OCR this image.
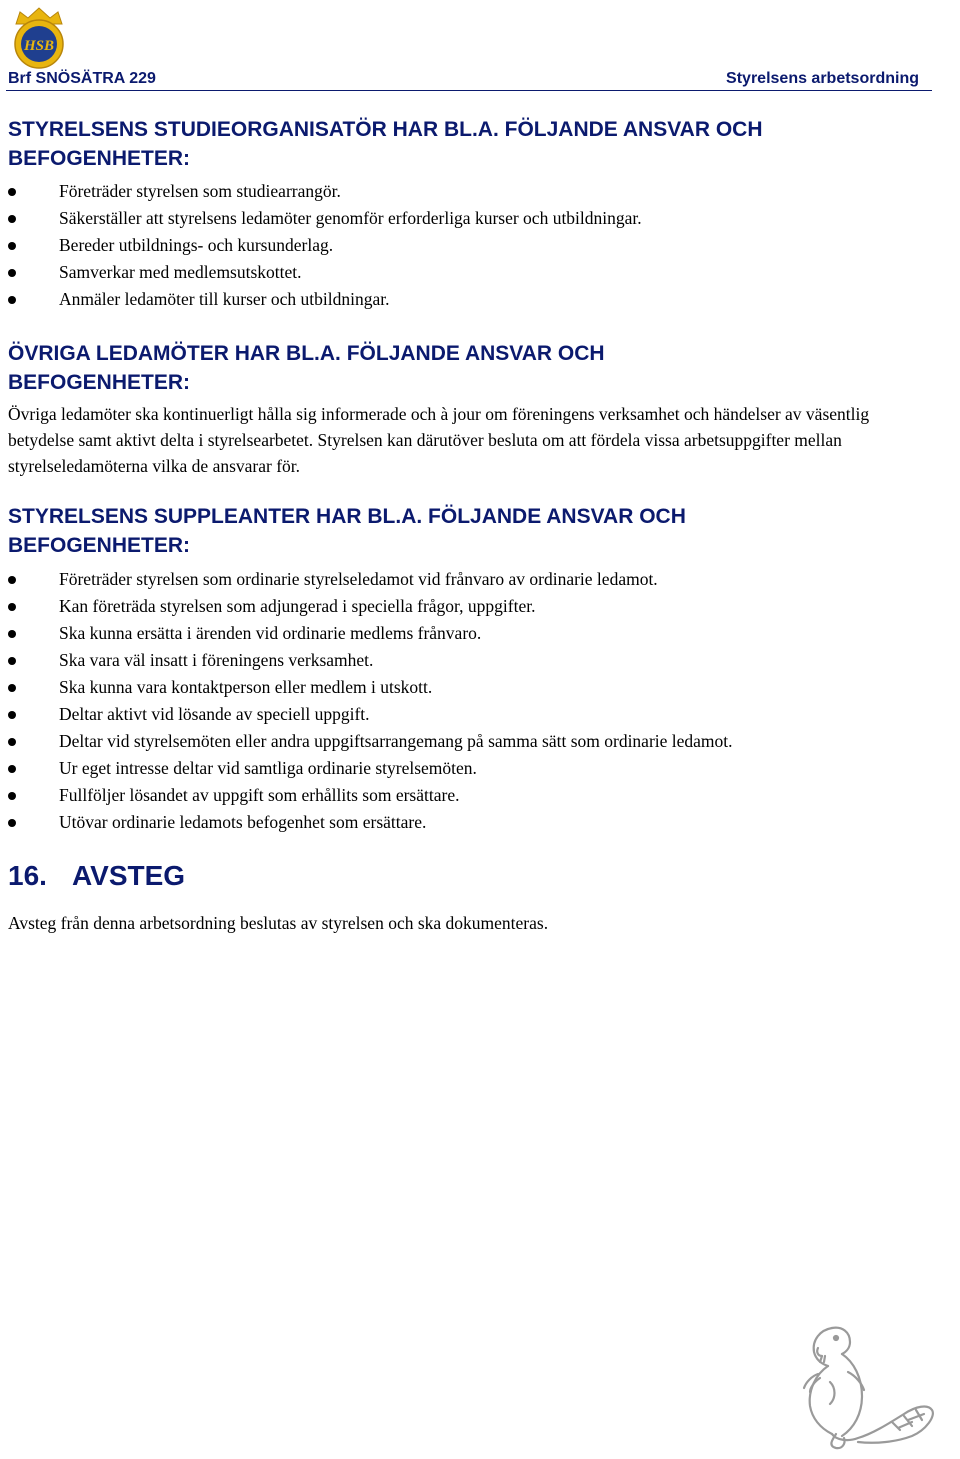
HSB
Brf SNÖSÄTRA 229	Styrelsens arbetsordning
STYRELSENS STUDIEORGANISATÖR HAR BL.A. FÖLJANDE ANSVAR OCH
BEFOGENHETER:
Företräder styrelsen som studiearrangör.
Säkerställer att styrelsens ledamöter genomför erforderliga kurser och utbildningar.
Bereder utbildnings- och kursunderlag.
Samverkar med medlemsutskottet.
Anmäler ledamöter till kurser och utbildningar.
ÖVRIGA LEDAMÖTER HAR BL.A. FÖLJANDE ANSVAR OCH
BEFOGENHETER:

Övriga ledamöter ska kontinuerligt hålla sig informerade och à jour om föreningens verksamhet och händelser av väsentlig betydelse samt aktivt delta i styrelsearbetet. Styrelsen kan därutöver besluta om att fördela vissa arbetsuppgifter mellan styrelseledamöterna vilka de ansvarar för.

STYRELSENS SUPPLEANTER HAR BL.A. FÖLJANDE ANSVAR OCH
BEFOGENHETER:
Företräder styrelsen som ordinarie styrelseledamot vid frånvaro av ordinarie ledamot.
Kan företräda styrelsen som adjungerad i speciella frågor, uppgifter.
Ska kunna ersätta i ärenden vid ordinarie medlems frånvaro.
Ska vara väl insatt i föreningens verksamhet.
Ska kunna vara kontaktperson eller medlem i utskott.
Deltar aktivt vid lösande av speciell uppgift.
Deltar vid styrelsemöten eller andra uppgiftsarrangemang på samma sätt som ordinarie ledamot.
Ur eget intresse deltar vid samtliga ordinarie styrelsemöten.
Fullföljer lösandet av uppgift som erhållits som ersättare.
Utövar ordinarie ledamots befogenhet som ersättare.
16. AVSTEG

Avsteg från denna arbetsordning beslutas av styrelsen och ska dokumenteras.
